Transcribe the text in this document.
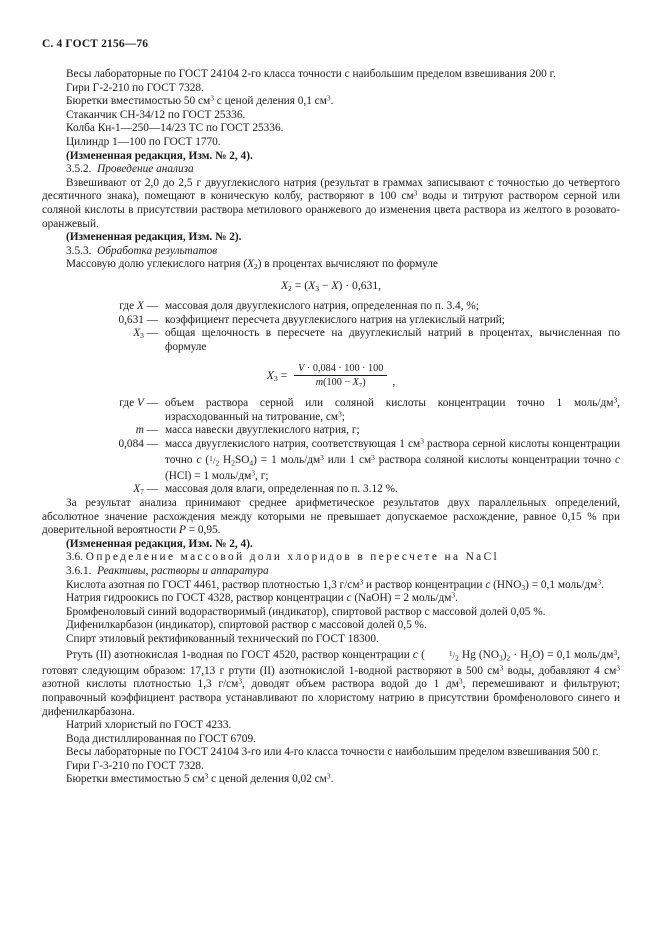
С. 4 ГОСТ 2156—76

Весы лабораторные по ГОСТ 24104 2-го класса точности с наибольшим пределом взвешивания 200 г.

Гири Г-2-210 по ГОСТ 7328.

Бюретки вместимостью 50 $см^3$ с ценой деления 0,1 $см^3$.

Стаканчик СН-34/12 по ГОСТ 25336.

Колба Кн-1—250—14/23 ТС по ГОСТ 25336.

Цилиндр 1—100 по ГОСТ 1770.

(Измененная редакция, Изм. № 2, 4).

3.5.2. Проведение анализа

Взвешивают от 2,0 до 2,5 г двууглекислого натрия (результат в граммах записывают с точностью до четвертого десятичного знака), помещают в коническую колбу, растворяют в 100 $см^3$ воды и титруют раствором серной или соляной кислоты в присутствии раствора метилового оранжевого до изменения цвета раствора из желтого в розовато-оранжевый.

(Измененная редакция, Изм. № 2).

3.5.3. Обработка результатов

Массовую долю углекислого натрия $(X_2)$ в процентах вычисляют по формуле

$X_2 = (X_3 - X) \cdot 0,631$,
где X —	массовая доля двууглекислого натрия, определенная по п. 3.4, %;
0,631 —	коэффициент пересчета двууглекислого натрия на углекислый натрий;
$X_3$ —	общая щелочность в пересчете на двууглекислый натрий в процентах, вычисленная по формуле
$X_3 = \frac{V \cdot 0,084 \cdot 100 \cdot 100}{m(100 - X_7)}$ ,
где V —	объем раствора серной или соляной кислоты концентрации точно 1 моль/$дм^3$, израсходованный на титрование, $см^3$;
m —	масса навески двууглекислого натрия, г;
0,084 —	масса двууглекислого натрия, соответствующая 1 $см^3$ раствора серной кислоты концентрации точно c ($^1$/2 $H_2SO_4) = 1$ моль/$дм^3$ или 1 $см^3$ раствора соляной кислоты концентрации точно c (HCl) = 1 моль/$дм^3$, г;
$X_7$ —	массовая доля влаги, определенная по п. 3.12 %.

За результат анализа принимают среднее арифметическое результатов двух параллельных определений, абсолютное значение расхождения между которыми не превышает допускаемое расхождение, равное 0,15 % при доверительной вероятности P = 0,95.

(Измененная редакция, Изм. № 2, 4).

3.6. Определение массовой доли хлоридов в пересчете на NaCl

3.6.1. Реактивы, растворы и аппаратура

Кислота азотная по ГОСТ 4461, раствор плотностью 1,3 $г/см^3$ и раствор концентрации c $(HNO_3) = 0,1$ моль/$дм^3$.

Натрия гидроокись по ГОСТ 4328, раствор концентрации c (NaOH) = 2 моль/$дм^3$.

Бромфеноловый синий водорастворимый (индикатор), спиртовой раствор с массовой долей 0,05 %.

Дифенилкарбазон (индикатор), спиртовой раствор с массовой долей 0,5 %.

Спирт этиловый ректификованный технический по ГОСТ 18300.

Ртуть (II) азотнокислая 1-водная по ГОСТ 4520, раствор концентрации c (	$^1$/2 Hg $(NO_3)_2 \cdot H_2O) = 0,1$ моль/$дм^3$, готовят следующим образом: 17,13 г ртути (II) азотнокислой 1-водной растворяют в 500 $см^3$ воды, добавляют 4 $см^3$ азотной кислоты плотностью 1,3 $г/см^3$, доводят объем раствора водой до 1 $дм^3$, перемешивают и фильтруют; поправочный коэффициент раствора устанавливают по хлористому натрию в присутствии бромфенолового синего и дифенилкарбазона.

Натрий хлористый по ГОСТ 4233.

Вода дистиллированная по ГОСТ 6709.

Весы лабораторные по ГОСТ 24104 3-го или 4-го класса точности с наибольшим пределом взвешивания 500 г.

Гири Г-3-210 по ГОСТ 7328.

Бюретки вместимостью 5 $см^3$ с ценой деления 0,02 $см^3$.
